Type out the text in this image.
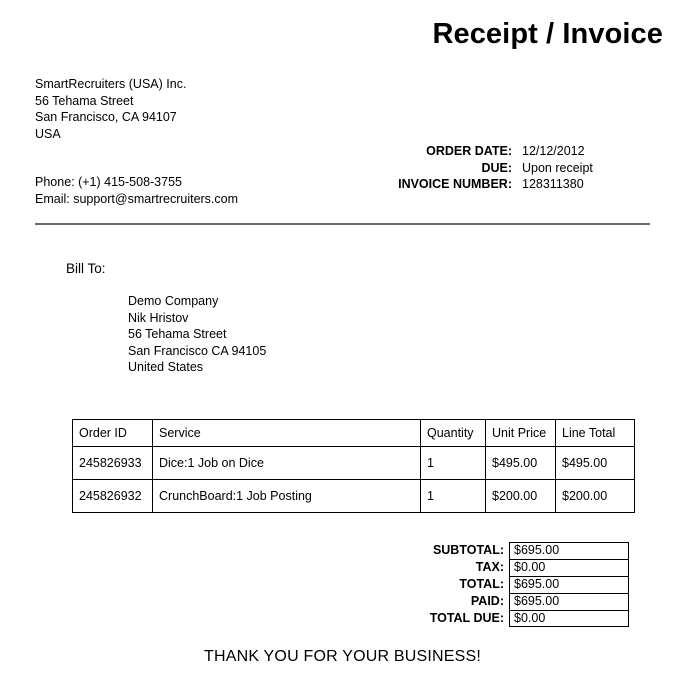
Receipt / Invoice
SmartRecruiters (USA) Inc.
56 Tehama Street
San Francisco, CA 94107
USA
Phone: (+1) 415-508-3755
Email: support@smartrecruiters.com
ORDER DATE: 12/12/2012
DUE: Upon receipt
INVOICE NUMBER: 128311380
Bill To:
Demo Company
Nik Hristov
56 Tehama Street
San Francisco CA 94105
United States
Order ID	Service	Quantity	Unit Price	Line Total
245826933	Dice:1 Job on Dice	1	$495.00	$495.00
245826932	CrunchBoard:1 Job Posting	1	$200.00	$200.00
SUBTOTAL: $695.00
TAX: $0.00
TOTAL: $695.00
PAID: $695.00
TOTAL DUE: $0.00
THANK YOU FOR YOUR BUSINESS!
